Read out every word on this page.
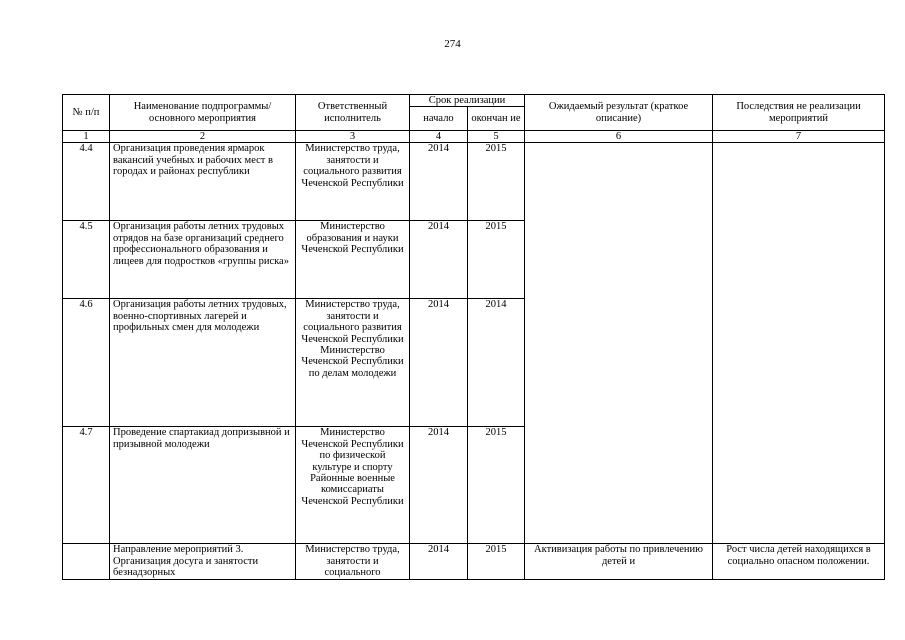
274
№ п/п	Наименование подпрограммы/ основного мероприятия	Ответственный исполнитель	Срок реализации		Ожидаемый результат (краткое описание)	Последствия не реализации мероприятий
			начало	окончан ие		
1	2	3	4	5	6	7
4.4	Организация проведения ярмарок вакансий учебных и рабочих мест в городах и районах республики	Министерство труда, занятости и социального развития Чеченской Республики	2014	2015		
4.5	Организация работы летних трудовых отрядов на базе организаций среднего профессионального образования и лицеев для подростков «группы риска»	Министерство образования и науки Чеченской Республики	2014	2015		
4.6	Организация работы летних трудовых, военно-спортивных лагерей и профильных смен для молодежи	Министерство труда, занятости и социального развития Чеченской Республики Министерство Чеченской Республики по делам молодежи	2014	2014		
4.7	Проведение спартакиад допризывной и призывной молодежи	Министерство Чеченской Республики по физической культуре и спорту Районные военные комиссариаты Чеченской Республики	2014	2015		
	Направление мероприятий 3. Организация досуга и занятости безнадзорных	Министерство труда, занятости и социального	2014	2015	Активизация работы по привлечению детей и	Рост числа детей находящихся в социально опасном положении.
